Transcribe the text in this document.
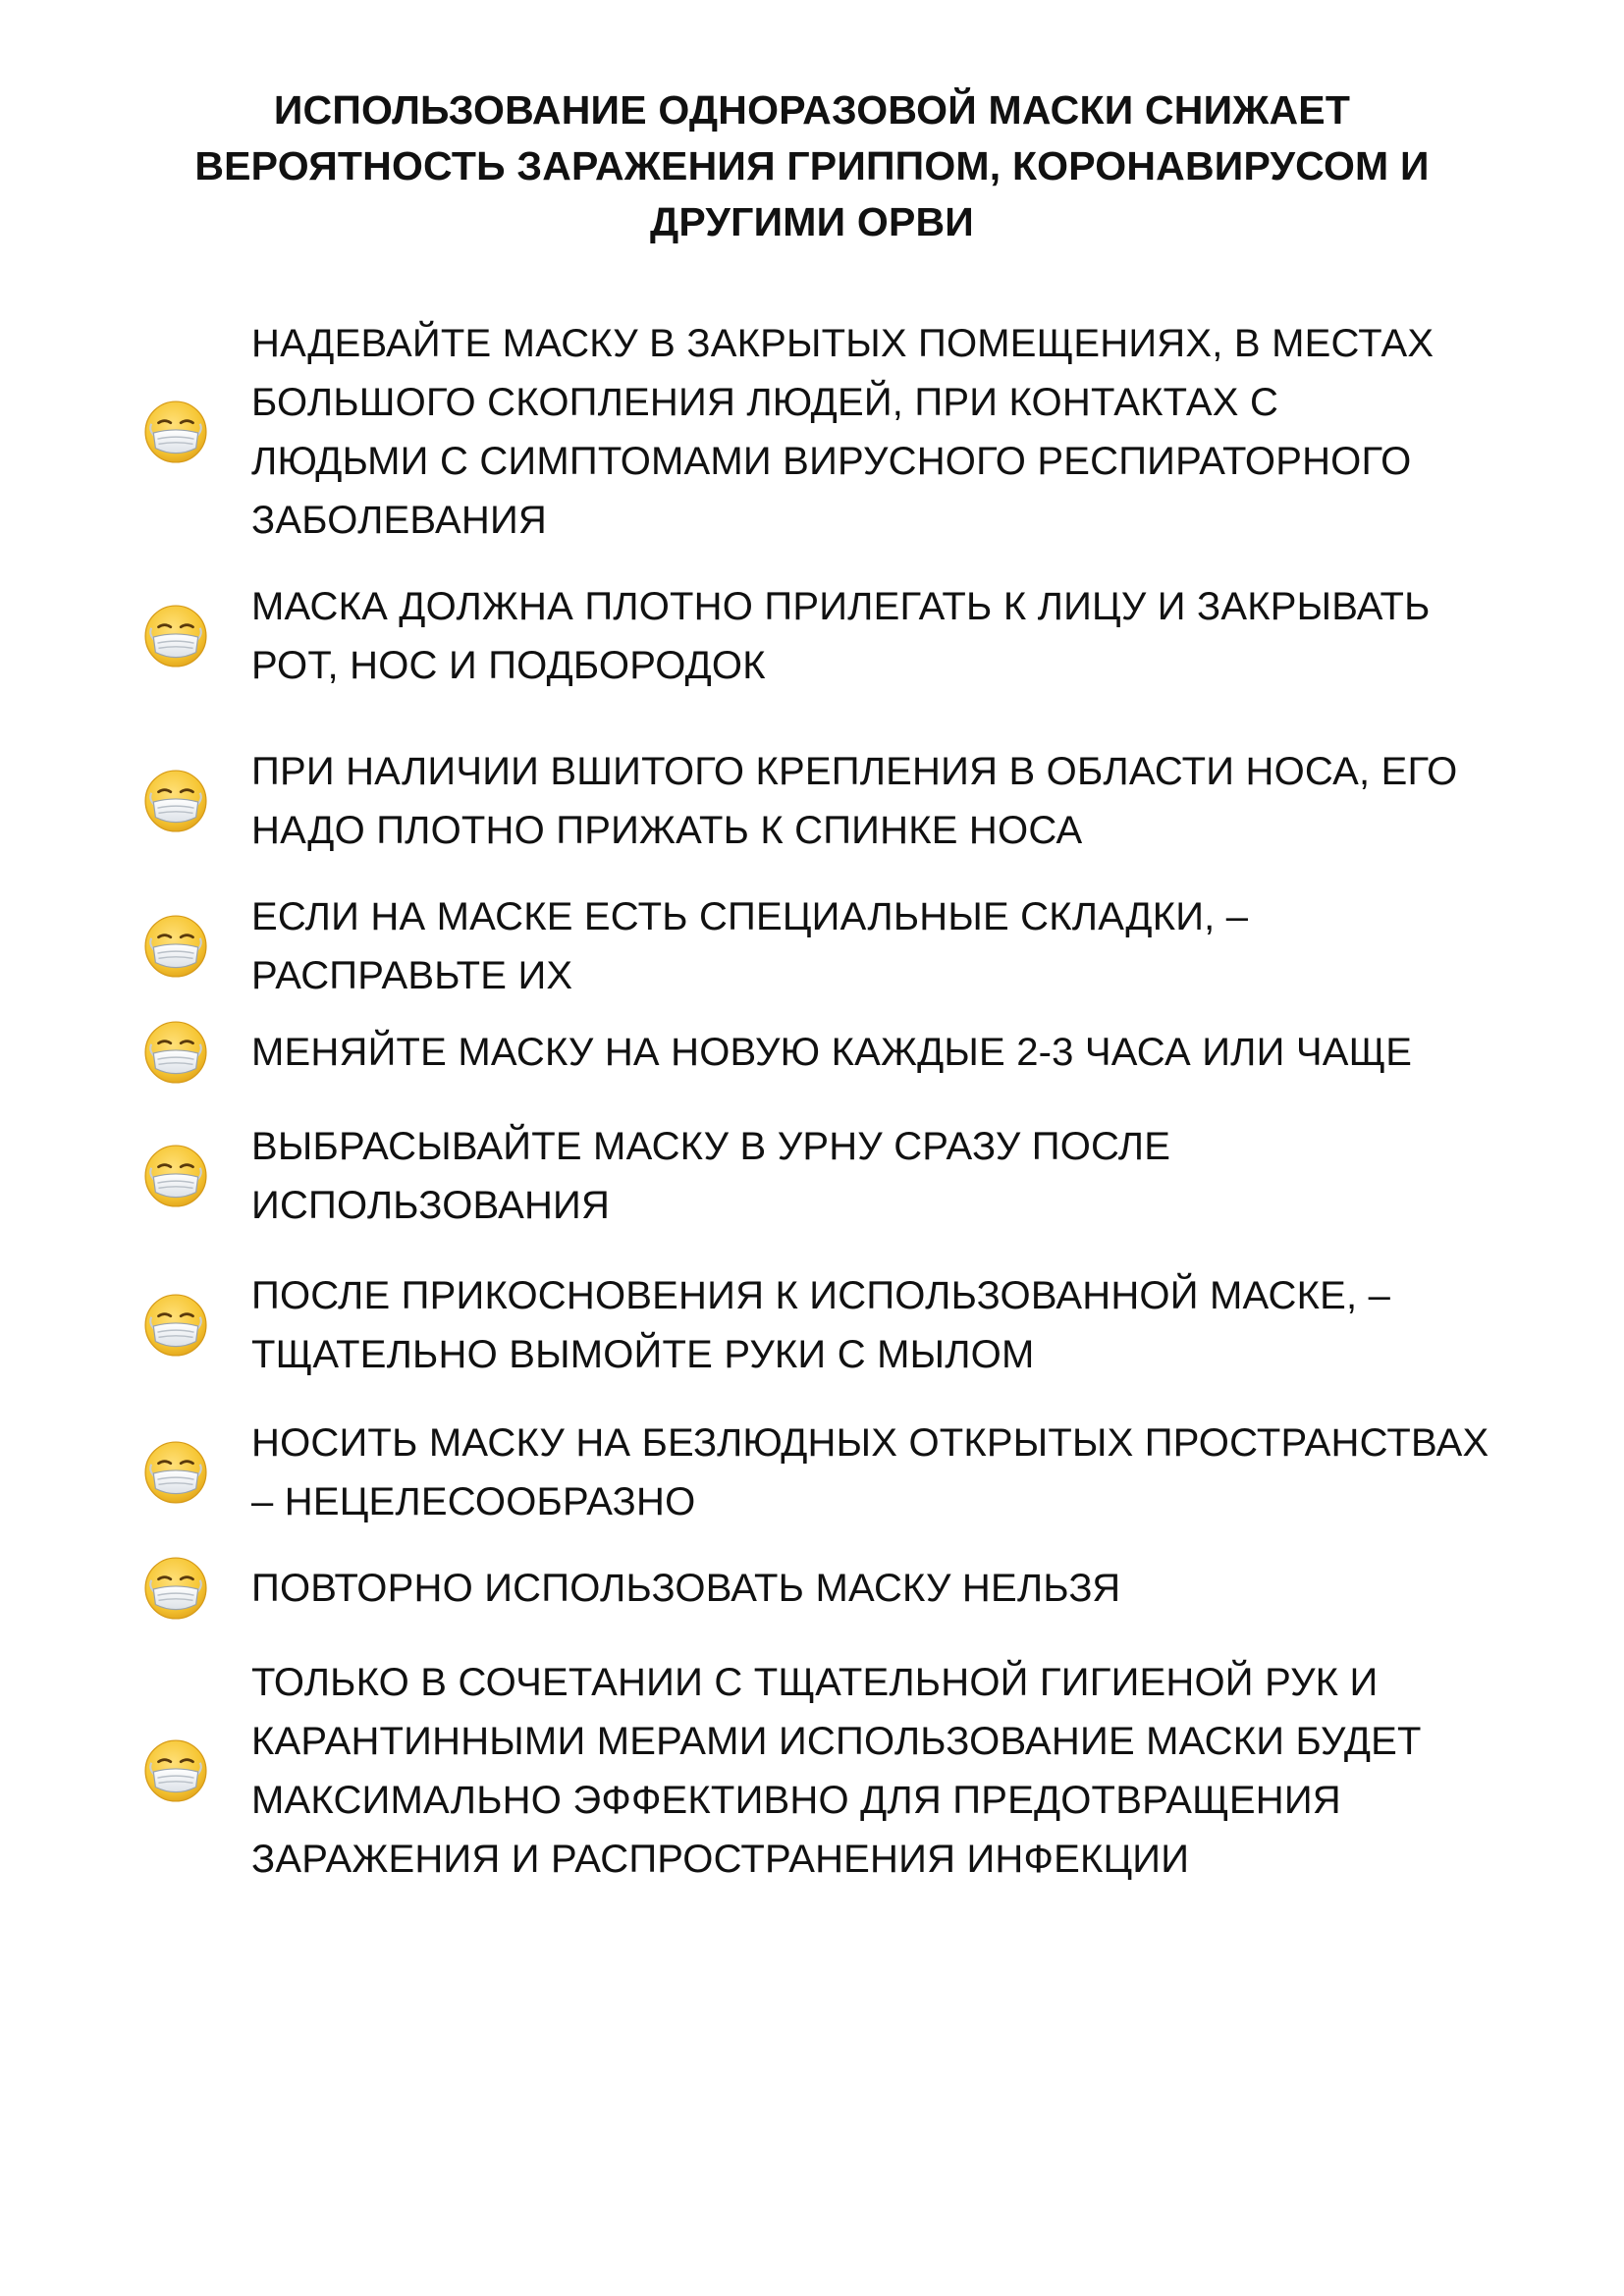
ИСПОЛЬЗОВАНИЕ ОДНОРАЗОВОЙ МАСКИ СНИЖАЕТ
ВЕРОЯТНОСТЬ ЗАРАЖЕНИЯ ГРИППОМ, КОРОНАВИРУСОМ И
ДРУГИМИ ОРВИ
НАДЕВАЙТЕ МАСКУ В ЗАКРЫТЫХ ПОМЕЩЕНИЯХ, В МЕСТАХ
БОЛЬШОГО СКОПЛЕНИЯ ЛЮДЕЙ, ПРИ КОНТАКТАХ С
ЛЮДЬМИ С СИМПТОМАМИ ВИРУСНОГО РЕСПИРАТОРНОГО
ЗАБОЛЕВАНИЯ
МАСКА ДОЛЖНА ПЛОТНО ПРИЛЕГАТЬ К ЛИЦУ И ЗАКРЫВАТЬ
РОТ, НОС И ПОДБОРОДОК
ПРИ НАЛИЧИИ ВШИТОГО КРЕПЛЕНИЯ В ОБЛАСТИ НОСА, ЕГО
НАДО ПЛОТНО ПРИЖАТЬ К СПИНКЕ НОСА
ЕСЛИ НА МАСКЕ ЕСТЬ СПЕЦИАЛЬНЫЕ СКЛАДКИ, –
РАСПРАВЬТЕ ИХ
МЕНЯЙТЕ МАСКУ НА НОВУЮ КАЖДЫЕ 2-3 ЧАСА ИЛИ ЧАЩЕ
ВЫБРАСЫВАЙТЕ МАСКУ В УРНУ СРАЗУ ПОСЛЕ
ИСПОЛЬЗОВАНИЯ
ПОСЛЕ ПРИКОСНОВЕНИЯ К ИСПОЛЬЗОВАННОЙ МАСКЕ, –
ТЩАТЕЛЬНО ВЫМОЙТЕ РУКИ С МЫЛОМ
НОСИТЬ МАСКУ НА БЕЗЛЮДНЫХ ОТКРЫТЫХ ПРОСТРАНСТВАХ
– НЕЦЕЛЕСООБРАЗНО
ПОВТОРНО ИСПОЛЬЗОВАТЬ МАСКУ НЕЛЬЗЯ
ТОЛЬКО В СОЧЕТАНИИ С ТЩАТЕЛЬНОЙ ГИГИЕНОЙ РУК И
КАРАНТИННЫМИ МЕРАМИ ИСПОЛЬЗОВАНИЕ МАСКИ БУДЕТ
МАКСИМАЛЬНО ЭФФЕКТИВНО ДЛЯ ПРЕДОТВРАЩЕНИЯ
ЗАРАЖЕНИЯ И РАСПРОСТРАНЕНИЯ ИНФЕКЦИИ
